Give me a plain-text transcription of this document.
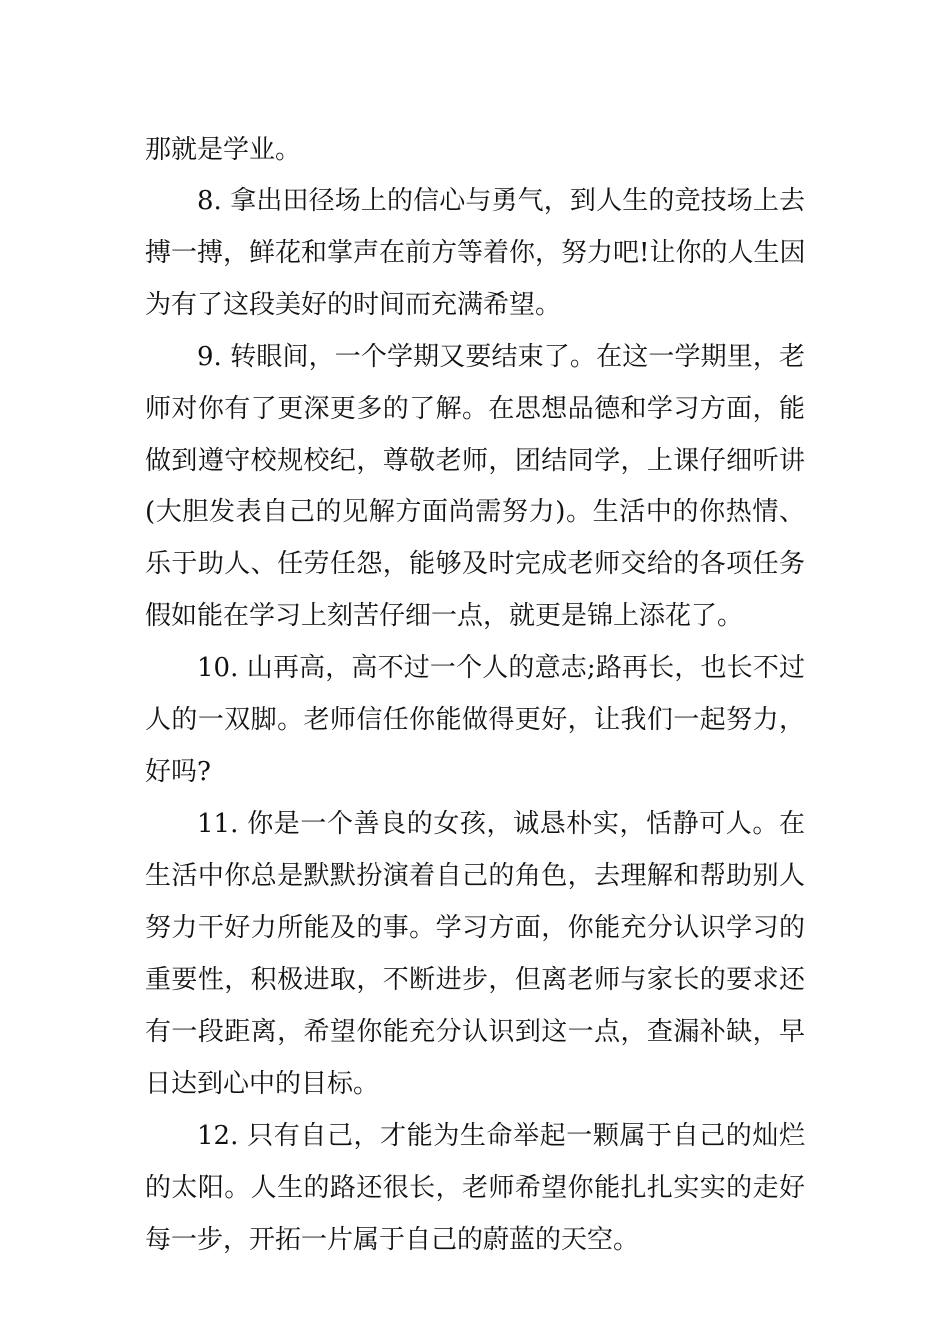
那就是学业。
8. 拿出田径场上的信心与勇气，到人生的竞技场上去
搏一搏，鲜花和掌声在前方等着你，努力吧!让你的人生因
为有了这段美好的时间而充满希望。
9. 转眼间，一个学期又要结束了。在这一学期里，老
师对你有了更深更多的了解。在思想品德和学习方面，能
做到遵守校规校纪，尊敬老师，团结同学，上课仔细听讲
(大胆发表自己的见解方面尚需努力)。生活中的你热情、
乐于助人、任劳任怨，能够及时完成老师交给的各项任务
假如能在学习上刻苦仔细一点，就更是锦上添花了。
10. 山再高，高不过一个人的意志;路再长，也长不过
人的一双脚。老师信任你能做得更好，让我们一起努力，
好吗?
11. 你是一个善良的女孩，诚恳朴实，恬静可人。在
生活中你总是默默扮演着自己的角色，去理解和帮助别人
努力干好力所能及的事。学习方面，你能充分认识学习的
重要性，积极进取，不断进步，但离老师与家长的要求还
有一段距离，希望你能充分认识到这一点，查漏补缺，早
日达到心中的目标。
12. 只有自己，才能为生命举起一颗属于自己的灿烂
的太阳。人生的路还很长，老师希望你能扎扎实实的走好
每一步，开拓一片属于自己的蔚蓝的天空。
